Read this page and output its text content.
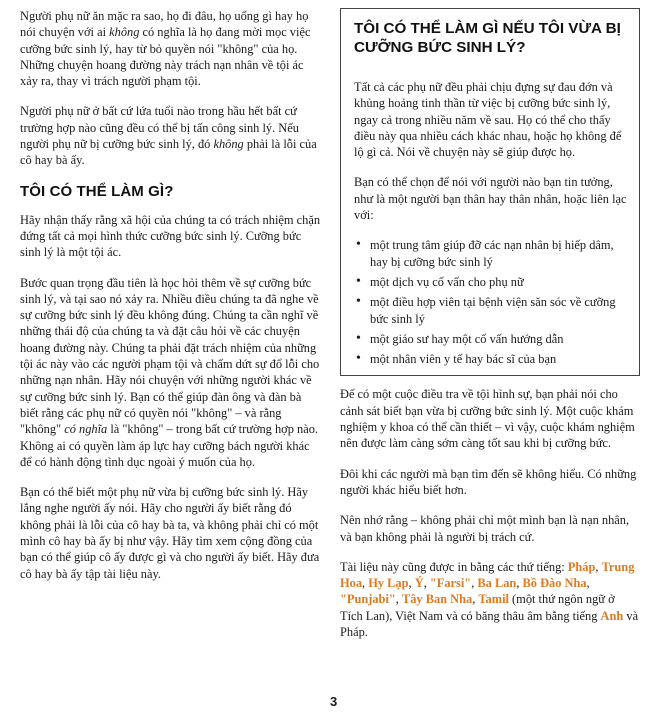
Người phụ nữ ăn mặc ra sao, họ đi đâu, họ uống gì hay họ nói chuyện với ai không có nghĩa là họ đang mời mọc việc cưỡng bức sinh lý, hay từ bỏ quyền nói "không" của họ. Những chuyện hoang đường này trách nạn nhân về tội ác xảy ra, thay vì trách người phạm tội.

Người phụ nữ ở bất cứ lứa tuổi nào trong hầu hết bất cứ trường hợp nào cũng đều có thể bị tấn công sinh lý. Nếu người phụ nữ bị cưỡng bức sinh lý, đó không phải là lỗi của cô hay bà ấy.

TÔI CÓ THỂ LÀM GÌ?

Hãy nhận thấy rằng xã hội của chúng ta có trách nhiệm chặn đứng tất cả mọi hình thức cưỡng bức sinh lý. Cưỡng bức sinh lý là một tội ác.

Bước quan trọng đầu tiên là học hỏi thêm về sự cưỡng bức sinh lý, và tại sao nó xảy ra. Nhiều điều chúng ta đã nghe về sự cưỡng bức sinh lý đều không đúng. Chúng ta cần nghĩ về những thái độ của chúng ta và đặt câu hỏi về các chuyện hoang đường này. Chúng ta phải đặt trách nhiệm của những tội ác này vào các người phạm tội và chấm dứt sự đổ lỗi cho những nạn nhân. Hãy nói chuyện với những người khác về sự cưỡng bức sinh lý. Bạn có thể giúp đàn ông và đàn bà biết rằng các phụ nữ có quyền nói "không" – và rằng "không" có nghĩa là "không" – trong bất cứ trường hợp nào. Không ai có quyền làm áp lực hay cưỡng bách người khác để có hành động tình dục ngoài ý muốn của họ.

Bạn có thể biết một phụ nữ vừa bị cưỡng bức sinh lý. Hãy lắng nghe người ấy nói. Hãy cho người ấy biết rằng đó không phải là lỗi của cô hay bà ta, và không phải chỉ có một mình cô hay bà ấy bị như vậy. Hãy tìm xem cộng đồng của bạn có thể giúp cô ấy được gì và cho người ấy biết. Hãy đưa cô hay bà ấy tập tài liệu này.

TÔI CÓ THỂ LÀM GÌ NẾU TÔI VỪA BỊ CƯỠNG BỨC SINH LÝ?

Tất cả các phụ nữ đều phải chịu đựng sự đau đớn và khủng hoảng tinh thần từ việc bị cưỡng bức sinh lý, ngay cả trong nhiều năm về sau. Họ có thể cho thấy điều này qua nhiều cách khác nhau, hoặc họ không để lộ gì cả. Nói về chuyện này sẽ giúp được họ.

Bạn có thể chọn để nói với người nào bạn tin tưởng, như là một người bạn thân hay thân nhân, hoặc liên lạc với:

• một trung tâm giúp đỡ các nạn nhân bị hiếp dâm, hay bị cưỡng bức sinh lý
• một dịch vụ cố vấn cho phụ nữ
• một điều hợp viên tại bệnh viện săn sóc về cưỡng bức sinh lý
• một giáo sư hay một cố vấn hướng dẫn
• một nhân viên y tế hay bác sĩ của bạn

Để có một cuộc điều tra về tội hình sự, bạn phải nói cho cảnh sát biết bạn vừa bị cưỡng bức sinh lý. Một cuộc khám nghiệm y khoa có thể cần thiết – vì vậy, cuộc khám nghiệm nên được làm càng sớm càng tốt sau khi bị cưỡng bức.

Đôi khi các người mà bạn tìm đến sẽ không hiểu. Có những người khác hiểu biết hơn.

Nên nhớ rằng – không phải chỉ một mình bạn là nạn nhân, và bạn không phải là người bị trách cứ.

Tài liệu này cũng được in bằng các thứ tiếng: Pháp, Trung Hoa, Hy Lạp, Ý, "Farsi", Ba Lan, Bồ Đào Nha, "Punjabi", Tây Ban Nha, Tamil (một thứ ngôn ngữ ở Tích Lan), Việt Nam và có băng thâu âm bằng tiếng Anh và Pháp.

3
